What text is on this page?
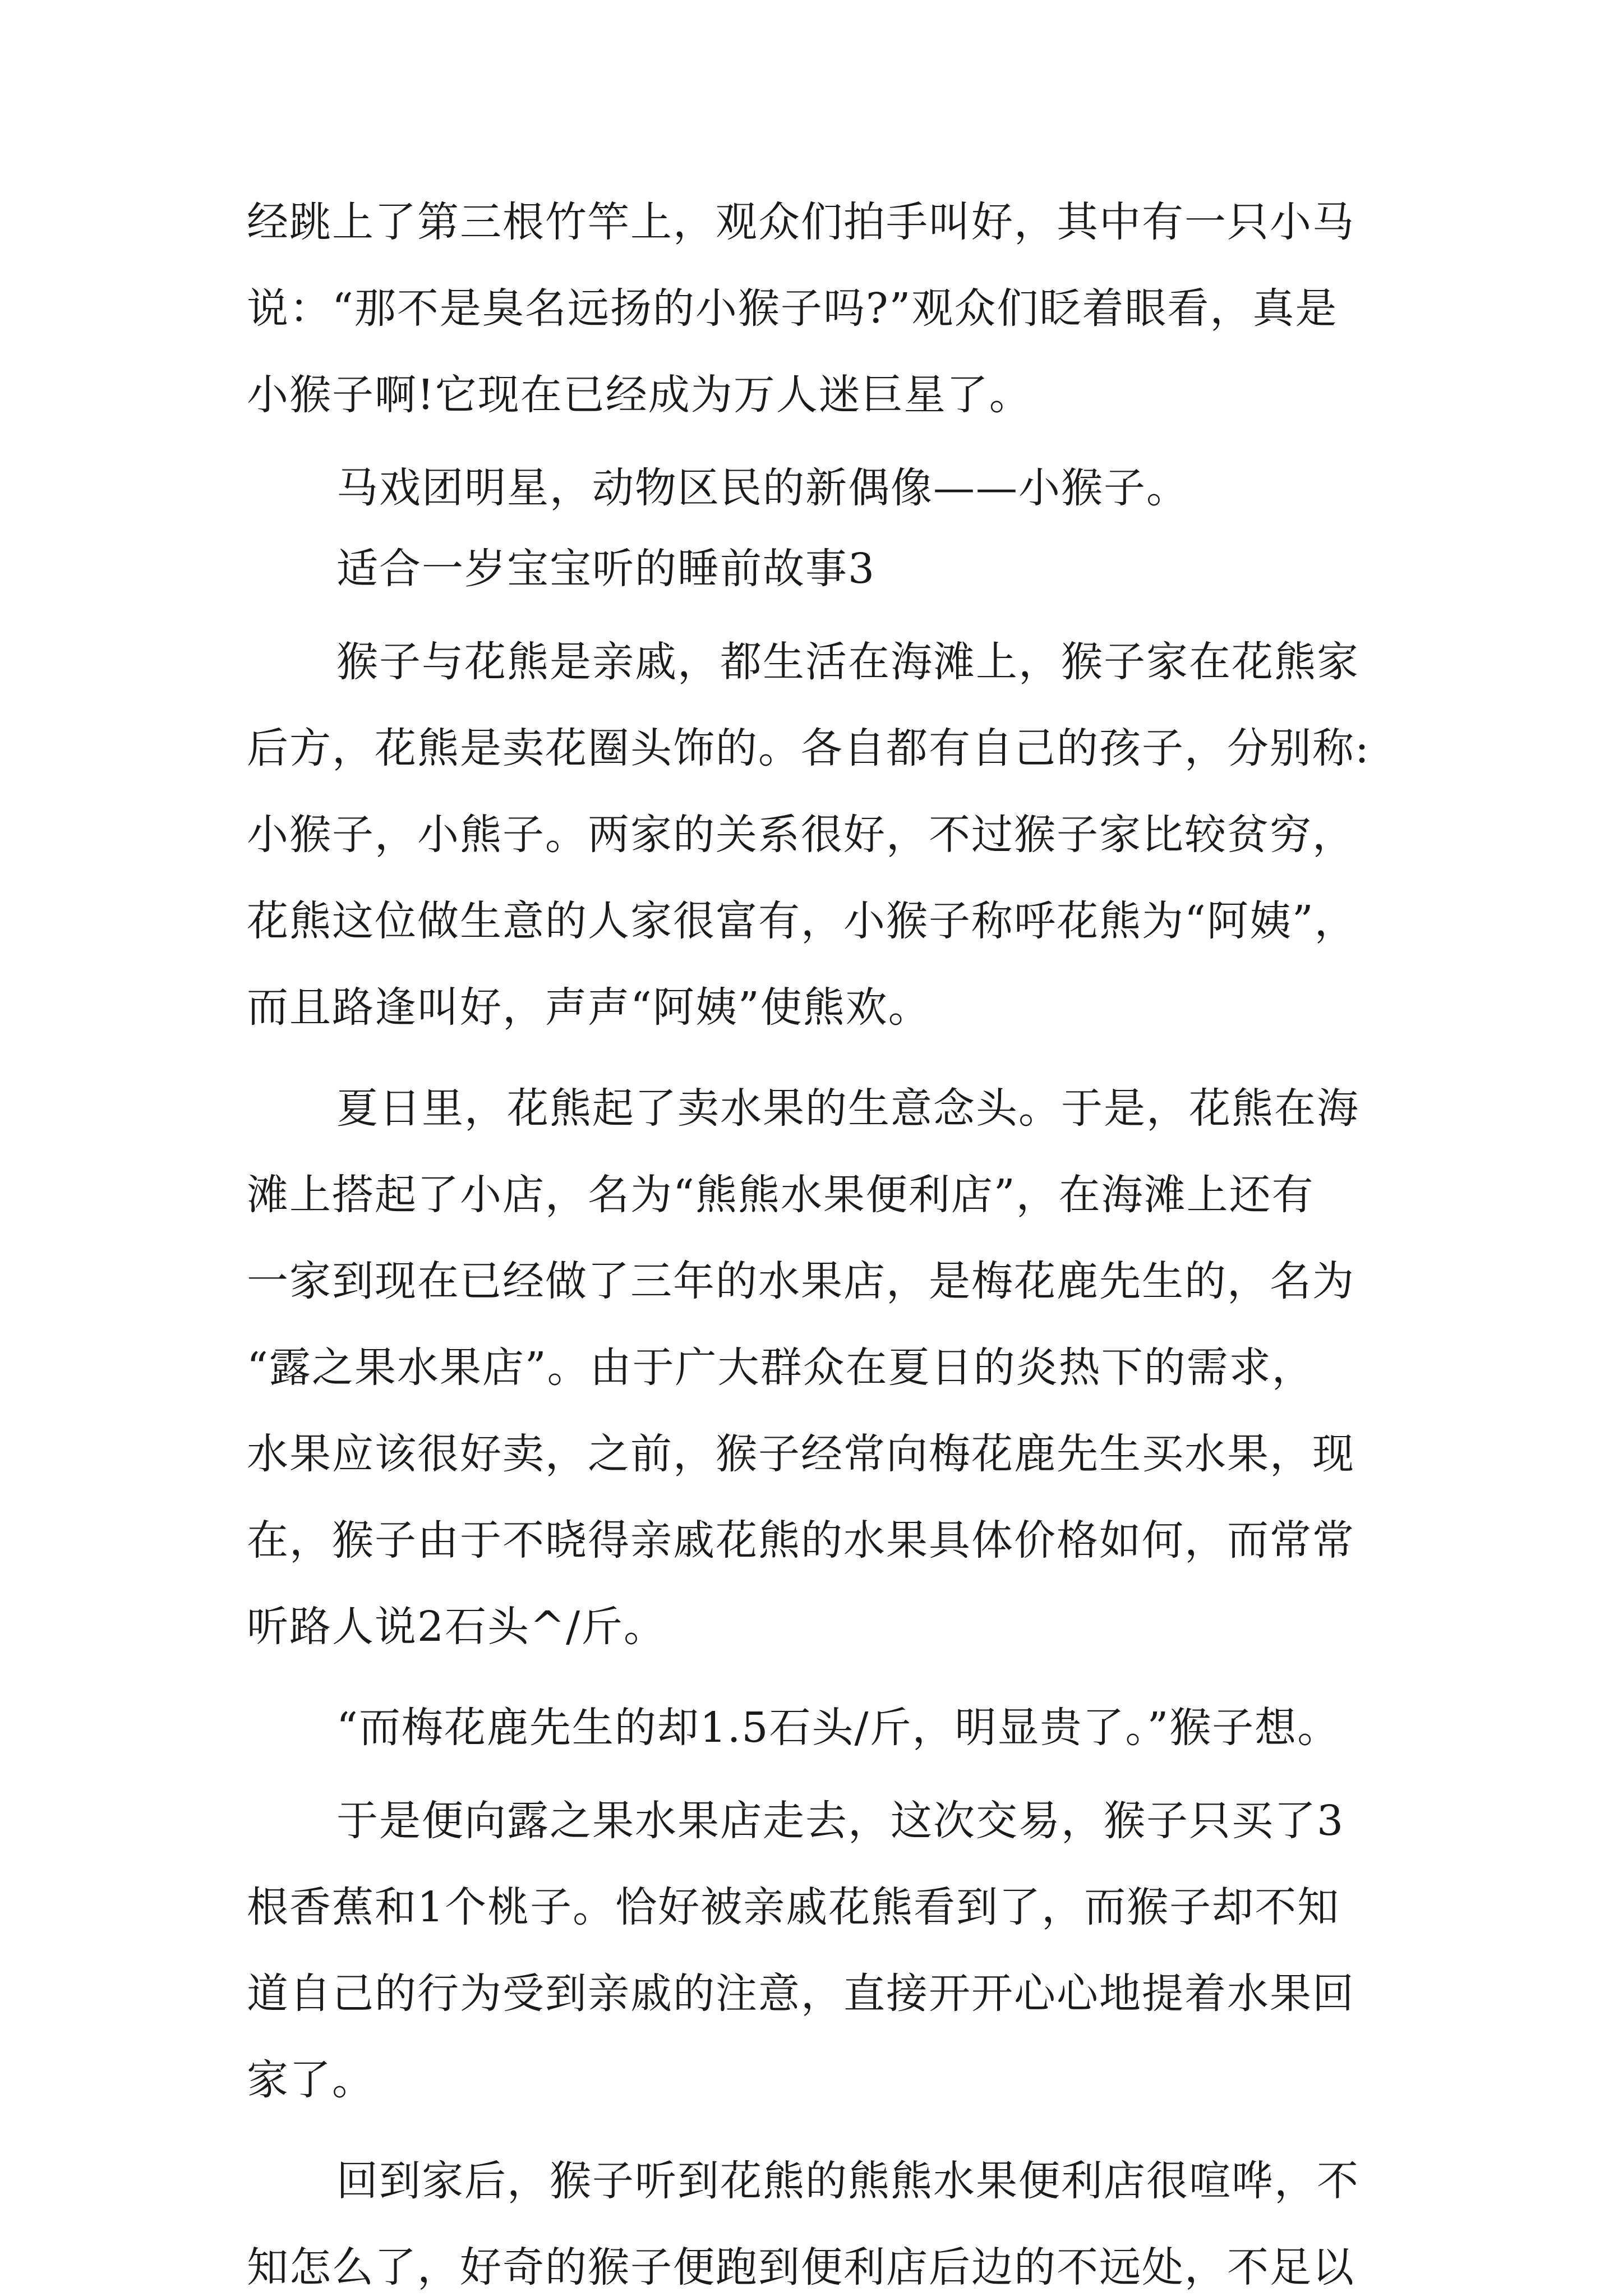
经跳上了第三根竹竿上，观众们拍手叫好，其中有一只小马

说：“那不是臭名远扬的小猴子吗?”观众们眨着眼看，真是

小猴子啊!它现在已经成为万人迷巨星了。

马戏团明星，动物区民的新偶像——小猴子。

适合一岁宝宝听的睡前故事3

猴子与花熊是亲戚，都生活在海滩上，猴子家在花熊家

后方，花熊是卖花圈头饰的。各自都有自己的孩子，分别称:

小猴子，小熊子。两家的关系很好，不过猴子家比较贫穷，

花熊这位做生意的人家很富有，小猴子称呼花熊为“阿姨”，

而且路逢叫好，声声“阿姨”使熊欢。

夏日里，花熊起了卖水果的生意念头。于是，花熊在海

滩上搭起了小店，名为“熊熊水果便利店”，在海滩上还有

一家到现在已经做了三年的水果店，是梅花鹿先生的，名为

“露之果水果店”。由于广大群众在夏日的炎热下的需求，

水果应该很好卖，之前，猴子经常向梅花鹿先生买水果，现

在，猴子由于不晓得亲戚花熊的水果具体价格如何，而常常

听路人说2石头^/斤。

“而梅花鹿先生的却1.5石头/斤，明显贵了。”猴子想。

于是便向露之果水果店走去，这次交易，猴子只买了3

根香蕉和1个桃子。恰好被亲戚花熊看到了，而猴子却不知

道自己的行为受到亲戚的注意，直接开开心心地提着水果回

家了。

回到家后，猴子听到花熊的熊熊水果便利店很喧哗，不

知怎么了，好奇的猴子便跑到便利店后边的不远处，不足以
